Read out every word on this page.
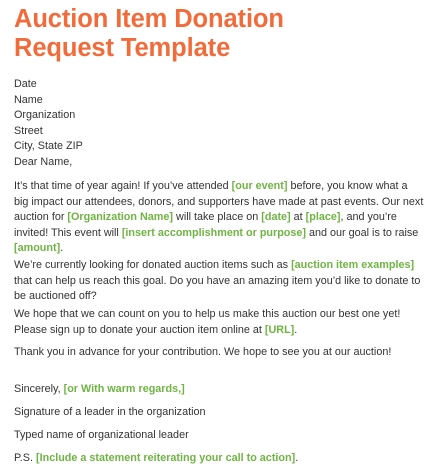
Auction Item Donation
Request Template

Date
Name
Organization
Street
City, State ZIP

Dear Name,

It’s that time of year again! If you’ve attended [our event] before, you know what a big impact our attendees, donors, and supporters have made at past events. Our next auction for [Organization Name] will take place on [date] at [place], and you’re invited! This event will [insert accomplishment or purpose] and our goal is to raise [amount].

We’re currently looking for donated auction items such as [auction item examples] that can help us reach this goal. Do you have an amazing item you’d like to donate to be auctioned off?

We hope that we can count on you to help us make this auction our best one yet! Please sign up to donate your auction item online at [URL].

Thank you in advance for your contribution. We hope to see you at our auction!

Sincerely, [or With warm regards,]

Signature of a leader in the organization

Typed name of organizational leader

P.S. [Include a statement reiterating your call to action].
